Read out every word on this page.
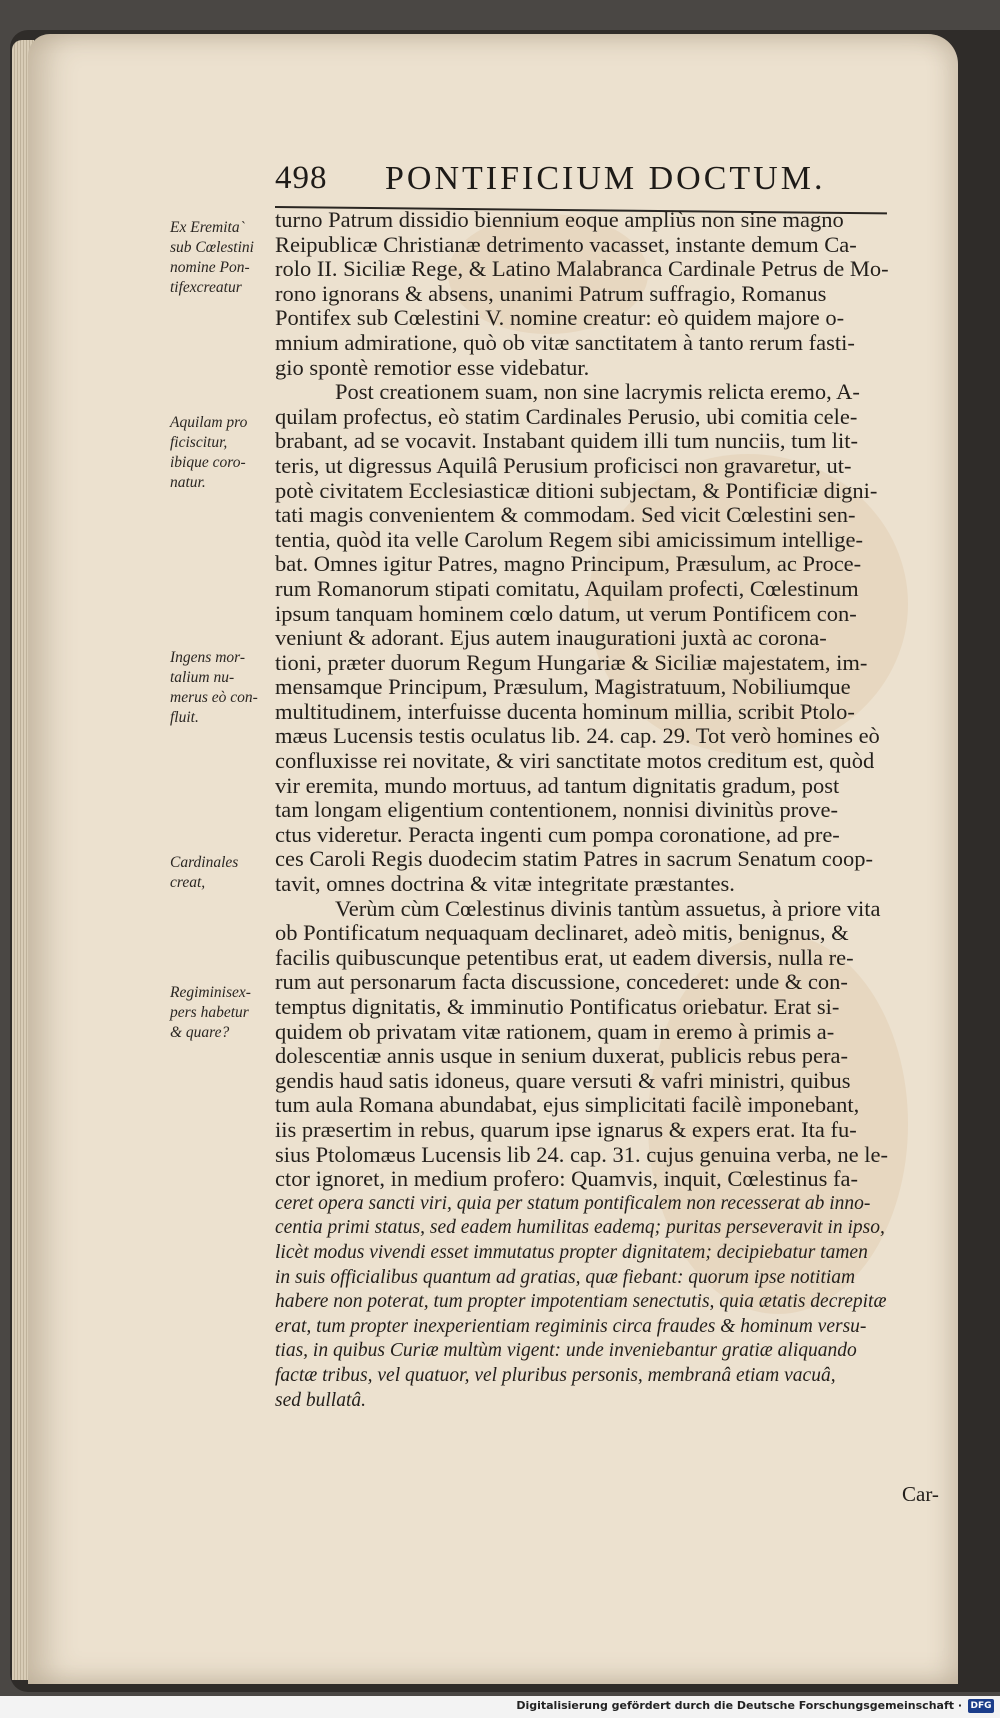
498 PONTIFICIUM DOCTUM.
Ex Eremita`
sub Cœlestini
nomine Pon-
tifexcreatur
Aquilam pro
ficiscitur,
ibique coro-
natur.
Ingens mor-
talium nu-
merus eò con-
fluit.
Cardinales
creat,
Regiminisex-
pers habetur
& quare?
turno Patrum dissidio biennium eoque ampliùs non sine magno
Reipublicæ Christianæ detrimento vacasset, instante demum Ca-
rolo II. Siciliæ Rege, & Latino Malabranca Cardinale Petrus de Mo-
rono ignorans & absens, unanimi Patrum suffragio, Romanus
Pontifex sub Cœlestini V. nomine creatur: eò quidem majore o-
mnium admiratione, quò ob vitæ sanctitatem à tanto rerum fasti-
gio spontè remotior esse videbatur.
Post creationem suam, non sine lacrymis relicta eremo, A-
quilam profectus, eò statim Cardinales Perusio, ubi comitia cele-
brabant, ad se vocavit. Instabant quidem illi tum nunciis, tum lit-
teris, ut digressus Aquilâ Perusium proficisci non gravaretur, ut-
potè civitatem Ecclesiasticæ ditioni subjectam, & Pontificiæ digni-
tati magis convenientem & commodam. Sed vicit Cœlestini sen-
tentia, quòd ita velle Carolum Regem sibi amicissimum intellige-
bat. Omnes igitur Patres, magno Principum, Præsulum, ac Proce-
rum Romanorum stipati comitatu, Aquilam profecti, Cœlestinum
ipsum tanquam hominem cœlo datum, ut verum Pontificem con-
veniunt & adorant. Ejus autem inaugurationi juxtà ac corona-
tioni, præter duorum Regum Hungariæ & Siciliæ majestatem, im-
mensamque Principum, Præsulum, Magistratuum, Nobiliumque
multitudinem, interfuisse ducenta hominum millia, scribit Ptolo-
mæus Lucensis testis oculatus lib. 24. cap. 29. Tot verò homines eò
confluxisse rei novitate, & viri sanctitate motos creditum est, quòd
vir eremita, mundo mortuus, ad tantum dignitatis gradum, post
tam longam eligentium contentionem, nonnisi divinitùs prove-
ctus videretur. Peracta ingenti cum pompa coronatione, ad pre-
ces Caroli Regis duodecim statim Patres in sacrum Senatum coop-
tavit, omnes doctrina & vitæ integritate præstantes.
Verùm cùm Cœlestinus divinis tantùm assuetus, à priore vita
ob Pontificatum nequaquam declinaret, adeò mitis, benignus, &
facilis quibuscunque petentibus erat, ut eadem diversis, nulla re-
rum aut personarum facta discussione, concederet: unde & con-
temptus dignitatis, & imminutio Pontificatus oriebatur. Erat si-
quidem ob privatam vitæ rationem, quam in eremo à primis a-
dolescentiæ annis usque in senium duxerat, publicis rebus pera-
gendis haud satis idoneus, quare versuti & vafri ministri, quibus
tum aula Romana abundabat, ejus simplicitati facilè imponebant,
iis præsertim in rebus, quarum ipse ignarus & expers erat. Ita fu-
sius Ptolomæus Lucensis lib 24. cap. 31. cujus genuina verba, ne le-
ctor ignoret, in medium profero: Quamvis, inquit, Cœlestinus fa-
ceret opera sancti viri, quia per statum pontificalem non recesserat ab inno-
centia primi status, sed eadem humilitas eademq; puritas perseveravit in ipso,
licèt modus vivendi esset immutatus propter dignitatem; decipiebatur tamen
in suis officialibus quantum ad gratias, quæ fiebant: quorum ipse notitiam
habere non poterat, tum propter impotentiam senectutis, quia ætatis decrepitæ
erat, tum propter inexperientiam regiminis circa fraudes & hominum versu-
tias, in quibus Curiæ multùm vigent: unde inveniebantur gratiæ aliquando
factæ tribus, vel quatuor, vel pluribus personis, membranâ etiam vacuâ,
sed bullatâ.
Car-
Digitalisierung gefördert durch die Deutsche Forschungsgemeinschaft · DFG
